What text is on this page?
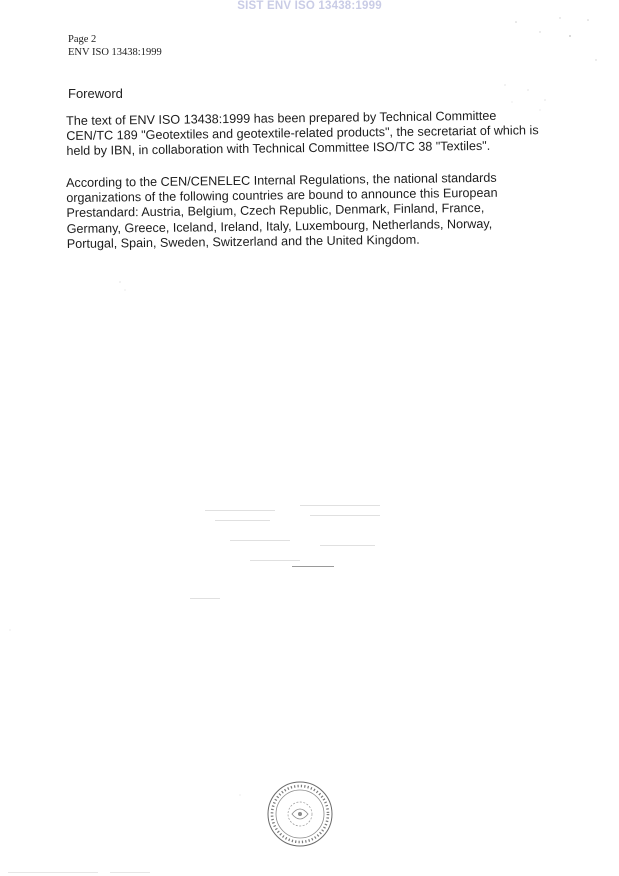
SIST ENV ISO 13438:1999
Page 2
ENV ISO 13438:1999
Foreword
The text of ENV ISO 13438:1999 has been prepared by Technical Committee
CEN/TC 189 "Geotextiles and geotextile-related products", the secretariat of which is
held by IBN, in collaboration with Technical Committee ISO/TC 38 "Textiles".
According to the CEN/CENELEC Internal Regulations, the national standards
organizations of the following countries are bound to announce this European
Prestandard: Austria, Belgium, Czech Republic, Denmark, Finland, France,
Germany, Greece, Iceland, Ireland, Italy, Luxembourg, Netherlands, Norway,
Portugal, Spain, Sweden, Switzerland and the United Kingdom.
